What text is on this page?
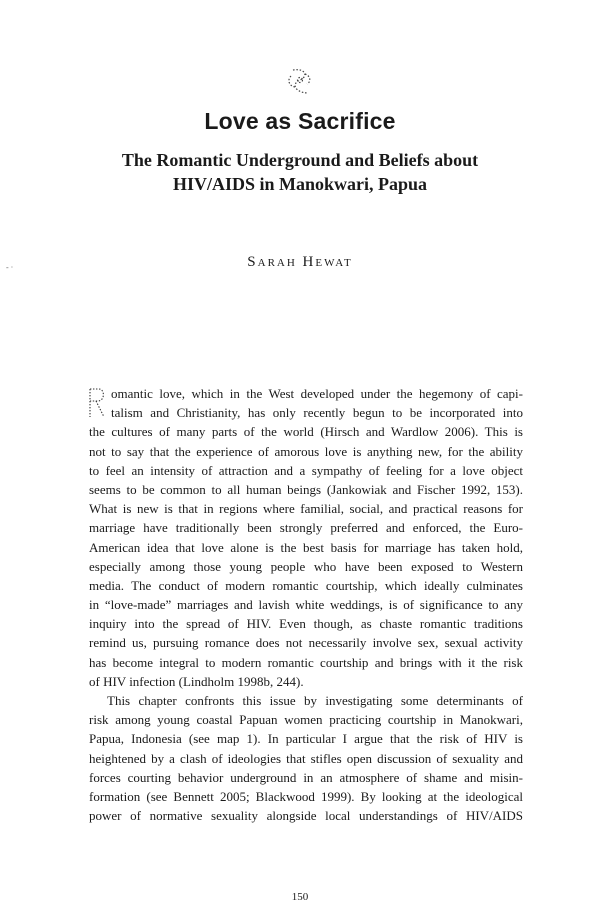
Love as Sacrifice
The Romantic Underground and Beliefs about
HIV/AIDS in Manokwari, Papua
Sarah Hewat
- ·
R
omantic love, which in the West developed under the hegemony of capi-
talism and Christianity, has only recently begun to be incorporated into
the cultures of many parts of the world (Hirsch and Wardlow 2006). This is
not to say that the experience of amorous love is anything new, for the ability
to feel an intensity of attraction and a sympathy of feeling for a love object
seems to be common to all human beings (Jankowiak and Fischer 1992, 153).
What is new is that in regions where familial, social, and practical reasons for
marriage have traditionally been strongly preferred and enforced, the Euro-
American idea that love alone is the best basis for marriage has taken hold,
especially among those young people who have been exposed to Western
media. The conduct of modern romantic courtship, which ideally culminates
in “love-made” marriages and lavish white weddings, is of significance to any
inquiry into the spread of HIV. Even though, as chaste romantic traditions
remind us, pursuing romance does not necessarily involve sex, sexual activity
has become integral to modern romantic courtship and brings with it the risk
of HIV infection (Lindholm 1998b, 244).
This chapter confronts this issue by investigating some determinants of
risk among young coastal Papuan women practicing courtship in Manokwari,
Papua, Indonesia (see map 1). In particular I argue that the risk of HIV is
heightened by a clash of ideologies that stifles open discussion of sexuality and
forces courting behavior underground in an atmosphere of shame and misin-
formation (see Bennett 2005; Blackwood 1999). By looking at the ideological
power of normative sexuality alongside local understandings of HIV/AIDS
150
